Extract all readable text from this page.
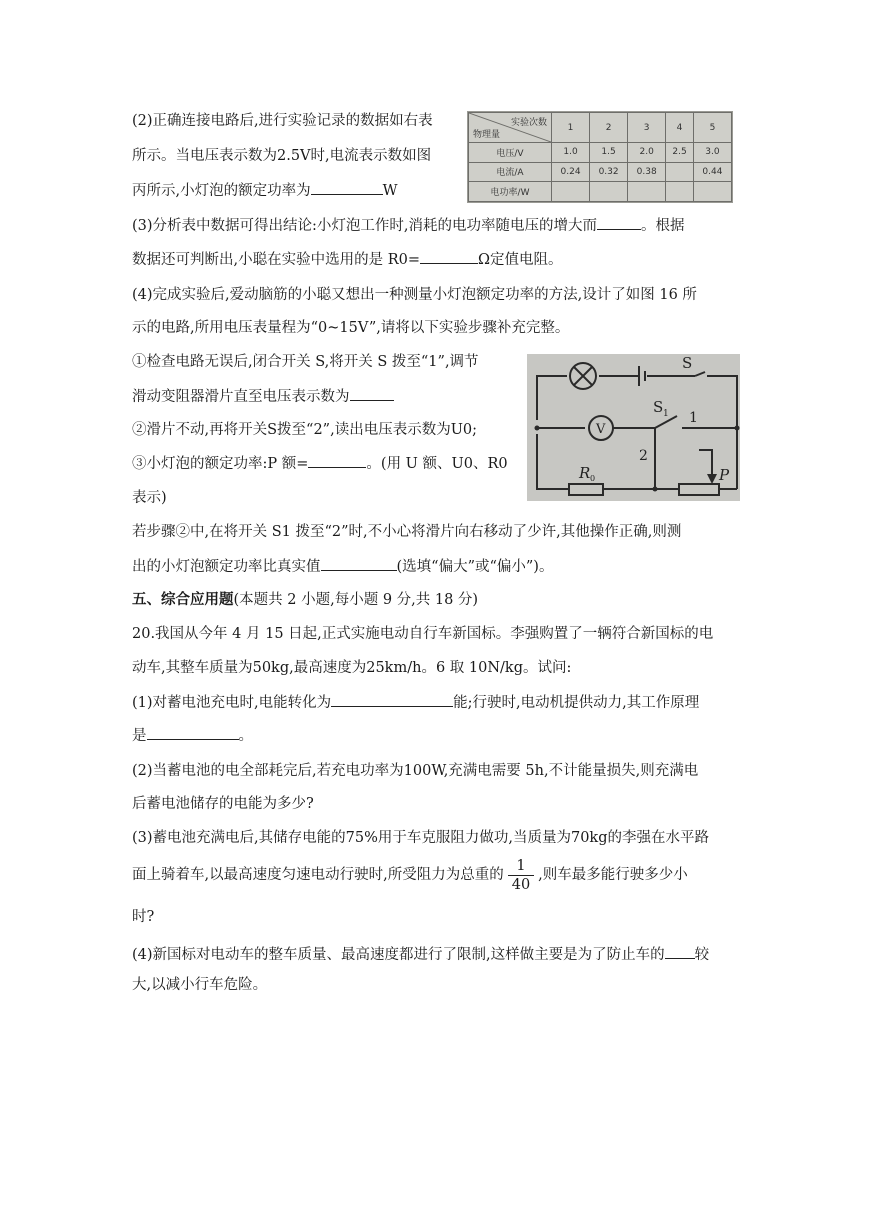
(2)正确连接电路后,进行实验记录的数据如右表
所示。当电压表示数为2.5V时,电流表示数如图
丙所示,小灯泡的额定功率为	W
实验次数
物理量	1	2	3	4	5
电压/V	1.0	1.5	2.0	2.5	3.0
电流/A	0.24	0.32	0.38		0.44
电功率/W					
(3)分析表中数据可得出结论:小灯泡工作时,消耗的电功率随电压的增大而	。根据
数据还可判断出,小聪在实验中选用的是 R0=	Ω定值电阻。
(4)完成实验后,爱动脑筋的小聪又想出一种测量小灯泡额定功率的方法,设计了如图 16 所
示的电路,所用电压表量程为“0~15V”,请将以下实验步骤补充完整。
①检查电路无误后,闭合开关 S,将开关 S 拨至“1”,调节
滑动变阻器滑片直至电压表示数为
②滑片不动,再将开关S拨至“2”,读出电压表示数为U0;
③小灯泡的额定功率:P 额=	。(用 U 额、U0、R0
表示)
S
S 1 1
2
V
R 0	P
若步骤②中,在将开关 S1 拨至“2”时,不小心将滑片向右移动了少许,其他操作正确,则测
出的小灯泡额定功率比真实值	(选填“偏大”或“偏小”)。
五、综合应用题(本题共 2 小题,每小题 9 分,共 18 分)
20.我国从今年 4 月 15 日起,正式实施电动自行车新国标。李强购置了一辆符合新国标的电
动车,其整车质量为50kg,最高速度为25km/h。6 取 10N/kg。试问:
(1)对蓄电池充电时,电能转化为	能;行驶时,电动机提供动力,其工作原理
是	。
(2)当蓄电池的电全部耗完后,若充电功率为100W,充满电需要 5h,不计能量损失,则充满电
后蓄电池储存的电能为多少?
(3)蓄电池充满电后,其储存电能的75%用于车克服阻力做功,当质量为70kg的李强在水平路
面上骑着车,以最高速度匀速电动行驶时,所受阻力为总重的 $\frac{1}{40}$ ,则车最多能行驶多少小
时?
(4)新国标对电动车的整车质量、最高速度都进行了限制,这样做主要是为了防止车的 较
大,以减小行车危险。
